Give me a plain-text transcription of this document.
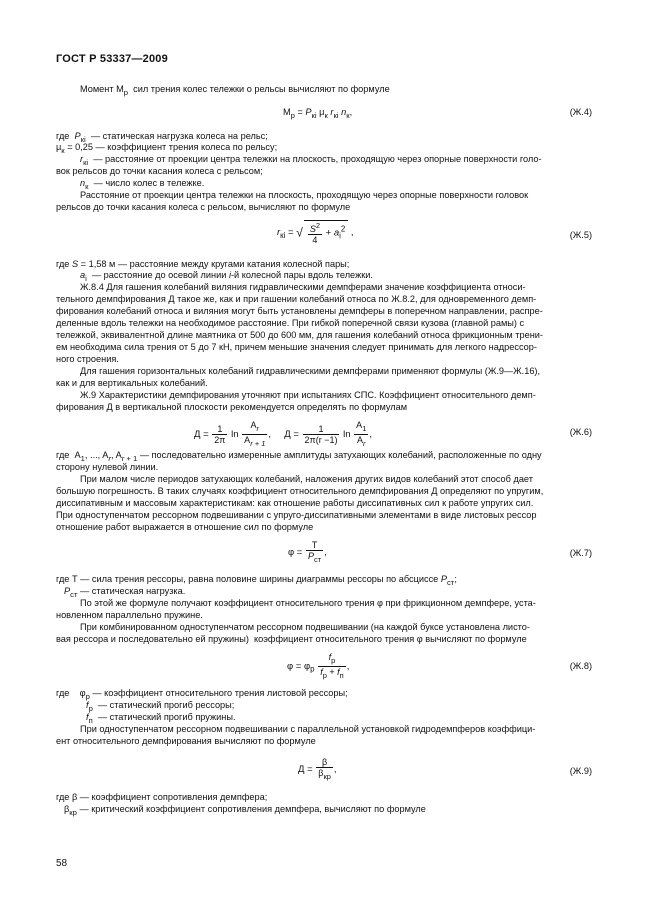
ГОСТ Р 53337—2009
Момент $M_р$  сил трения колес тележки о рельсы вычисляют по формуле
$M_р = P_{кi}$ $\mu_к$ $r_{кi}$ $n_к$,	(Ж.4)
где  $P_{кi}$  — статическая нагрузка колеса на рельс;
$\mu_к = 0,25$ — коэффициент трения колеса по рельсу;
$r_{кi}$  — расстояние от проекции центра тележки на плоскость, проходящую через опорные поверхности голо-
вок рельсов до точки касания колеса с рельсом;
$n_к$  — число колес в тележке.
Расстояние от проекции центра тележки на плоскость, проходящую через опорные поверхности головок
рельсов до точки касания колеса с рельсом, вычисляют по формуле
$r_{кi}$ = √ $\frac{S^2}{4} + a_i^2$ ,	(Ж.5)
где S = 1,58 м — расстояние между кругами катания колесной пары;
$a_i$  — расстояние до осевой линии i-й колесной пары вдоль тележки.
Ж.8.4 Для гашения колебаний виляния гидравлическими демпферами значение коэффициента относи-
тельного демпфирования Д такое же, как и при гашении колебаний относа по Ж.8.2, для одновременного демп-
фирования колебаний относа и виляния могут быть установлены демпферы в поперечном направлении, распре-
деленные вдоль тележки на необходимое расстояние. При гибкой поперечной связи кузова (главной рамы) с
тележкой, эквивалентной длине маятника от 500 до 600 мм, для гашения колебаний относа фрикционным трени-
ем необходима сила трения от 5 до 7 кН, причем меньшие значения следует принимать для легкого надрессор-
ного строения.
Для гашения горизонтальных колебаний гидравлическими демпферами применяют формулы (Ж.9—Ж.16),
как и для вертикальных колебаний.
Ж.9 Характеристики демпфирования уточняют при испытаниях СПС. Коэффициент относительного демп-
фирования Д в вертикальной плоскости рекомендуется определять по формулам
$Д = \frac{1}{2\pi}$ $\ln \frac{A_r}{A_{r + 1}}$ ,     $Д = \frac{1}{2\pi(r -1)}$ $\ln \frac{A_1}{A_r}$ ,	(Ж.6)
где  $A_1$, ..., $A_r$, $A_{r + 1}$ — последовательно измеренные амплитуды затухающих колебаний, расположенные по одну
сторону нулевой линии.
При малом числе периодов затухающих колебаний, наложения других видов колебаний этот способ дает
большую погрешность. В таких случаях коэффициент относительного демпфирования Д определяют по упругим,
диссипативным и массовым характеристикам: как отношение работы диссипативных сил к работе упругих сил.
При одноступенчатом рессорном подвешивании с упруго-диссипативными элементами в виде листовых рессор
отношение работ выражается в отношение сил по формуле
φ =
T
$P_{ст}$
,	(Ж.7)
где Т — сила трения рессоры, равна половине ширины диаграммы рессоры по абсциссе $P_{ст}$;
$P_{ст}$ — статическая нагрузка.
По этой же формуле получают коэффициент относительного трения φ при фрикционном демпфере, уста-
новленном параллельно пружине.
При комбинированном одноступенчатом рессорном подвешивании (на каждой буксе установлена листо-
вая рессора и последовательно ей пружины)  коэффициент относительного трения φ вычисляют по формуле
$\varphi = \varphi_р$
$f_р$
$f_р + f_п$
,	(Ж.8)
где    $\varphi_р$ — коэффициент относительного трения листовой рессоры;
$f_р$  — статический прогиб рессоры;
$f_п$  — статический прогиб пружины.
При одноступенчатом рессорном подвешивании с параллельной установкой гидродемпферов коэффици-
ент относительного демпфирования вычисляют по формуле
Д =
β
$\beta_{кр}$
,	(Ж.9)
где β — коэффициент сопротивления демпфера;
$\beta_{кр}$ — критический коэффициент сопротивления демпфера, вычисляют по формуле
58
